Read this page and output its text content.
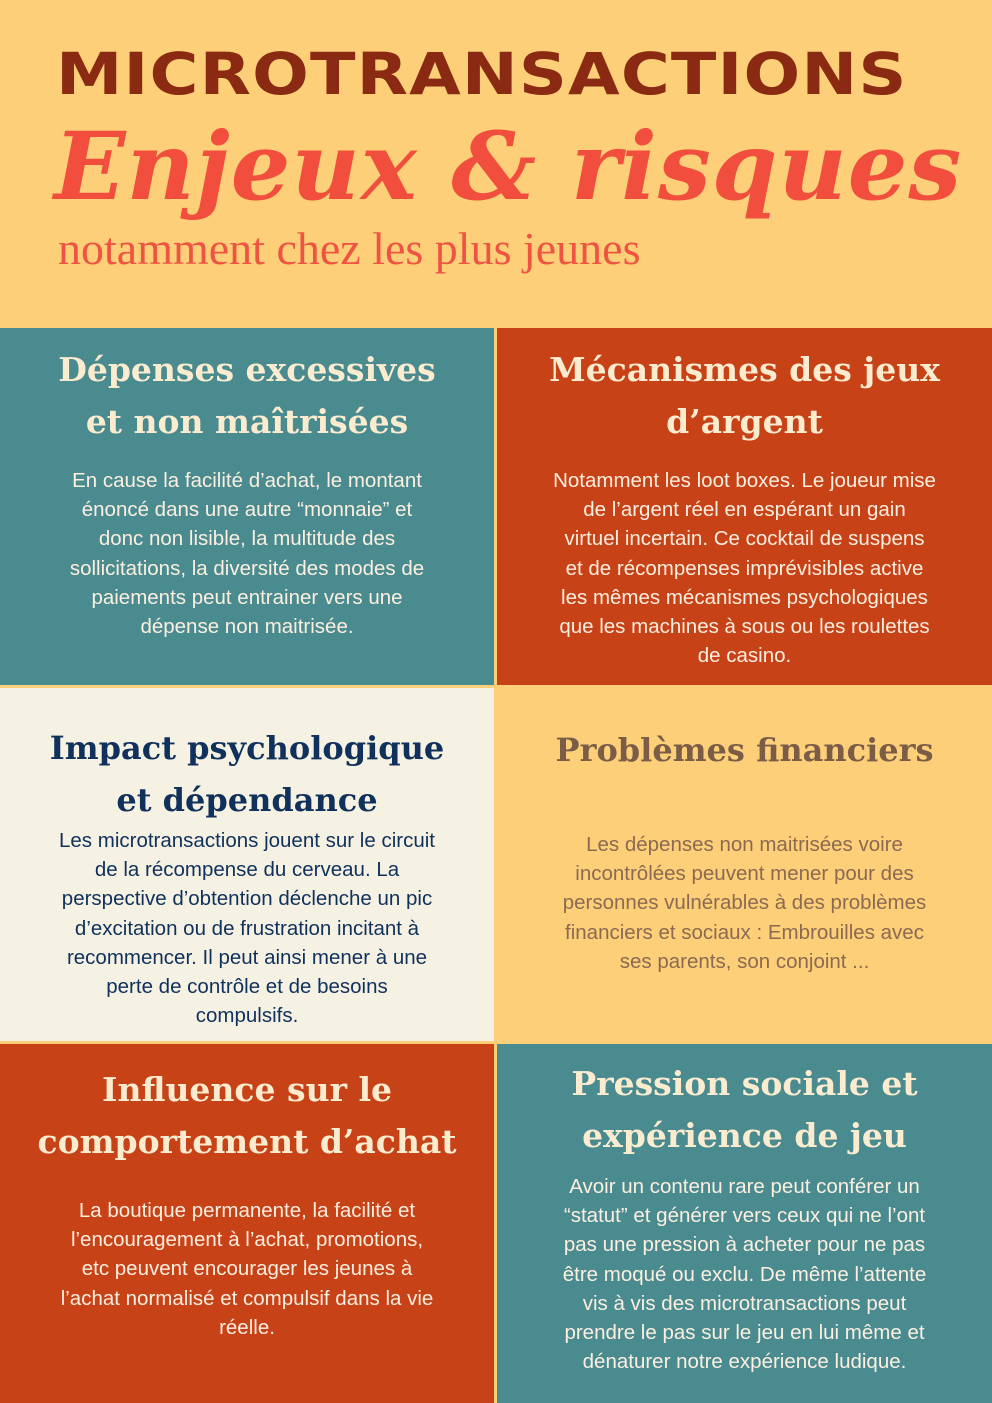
MICROTRANSACTIONS
Enjeux & risques
notamment chez les plus jeunes
Dépenses excessives
et non maîtrisées
En cause la facilité d’achat, le montant
énoncé dans une autre “monnaie” et
donc non lisible, la multitude des
sollicitations, la diversité des modes de
paiements peut entrainer vers une
dépense non maitrisée.
Mécanismes des jeux
d’argent
Notamment les loot boxes. Le joueur mise
de l’argent réel en espérant un gain
virtuel incertain. Ce cocktail de suspens
et de récompenses imprévisibles active
les mêmes mécanismes psychologiques
que les machines à sous ou les roulettes
de casino.
Impact psychologique
et dépendance
Les microtransactions jouent sur le circuit
de la récompense du cerveau. La
perspective d’obtention déclenche un pic
d’excitation ou de frustration incitant à
recommencer. Il peut ainsi mener à une
perte de contrôle et de besoins
compulsifs.
Problèmes financiers
Les dépenses non maitrisées voire
incontrôlées peuvent mener pour des
personnes vulnérables à des problèmes
financiers et sociaux : Embrouilles avec
ses parents, son conjoint ...
Influence sur le
comportement d’achat
La boutique permanente, la facilité et
l’encouragement à l’achat, promotions,
etc peuvent encourager les jeunes à
l’achat normalisé et compulsif dans la vie
réelle.
Pression sociale et
expérience de jeu
Avoir un contenu rare peut conférer un
“statut” et générer vers ceux qui ne l’ont
pas une pression à acheter pour ne pas
être moqué ou exclu. De même l’attente
vis à vis des microtransactions peut
prendre le pas sur le jeu en lui même et
dénaturer notre expérience ludique.
